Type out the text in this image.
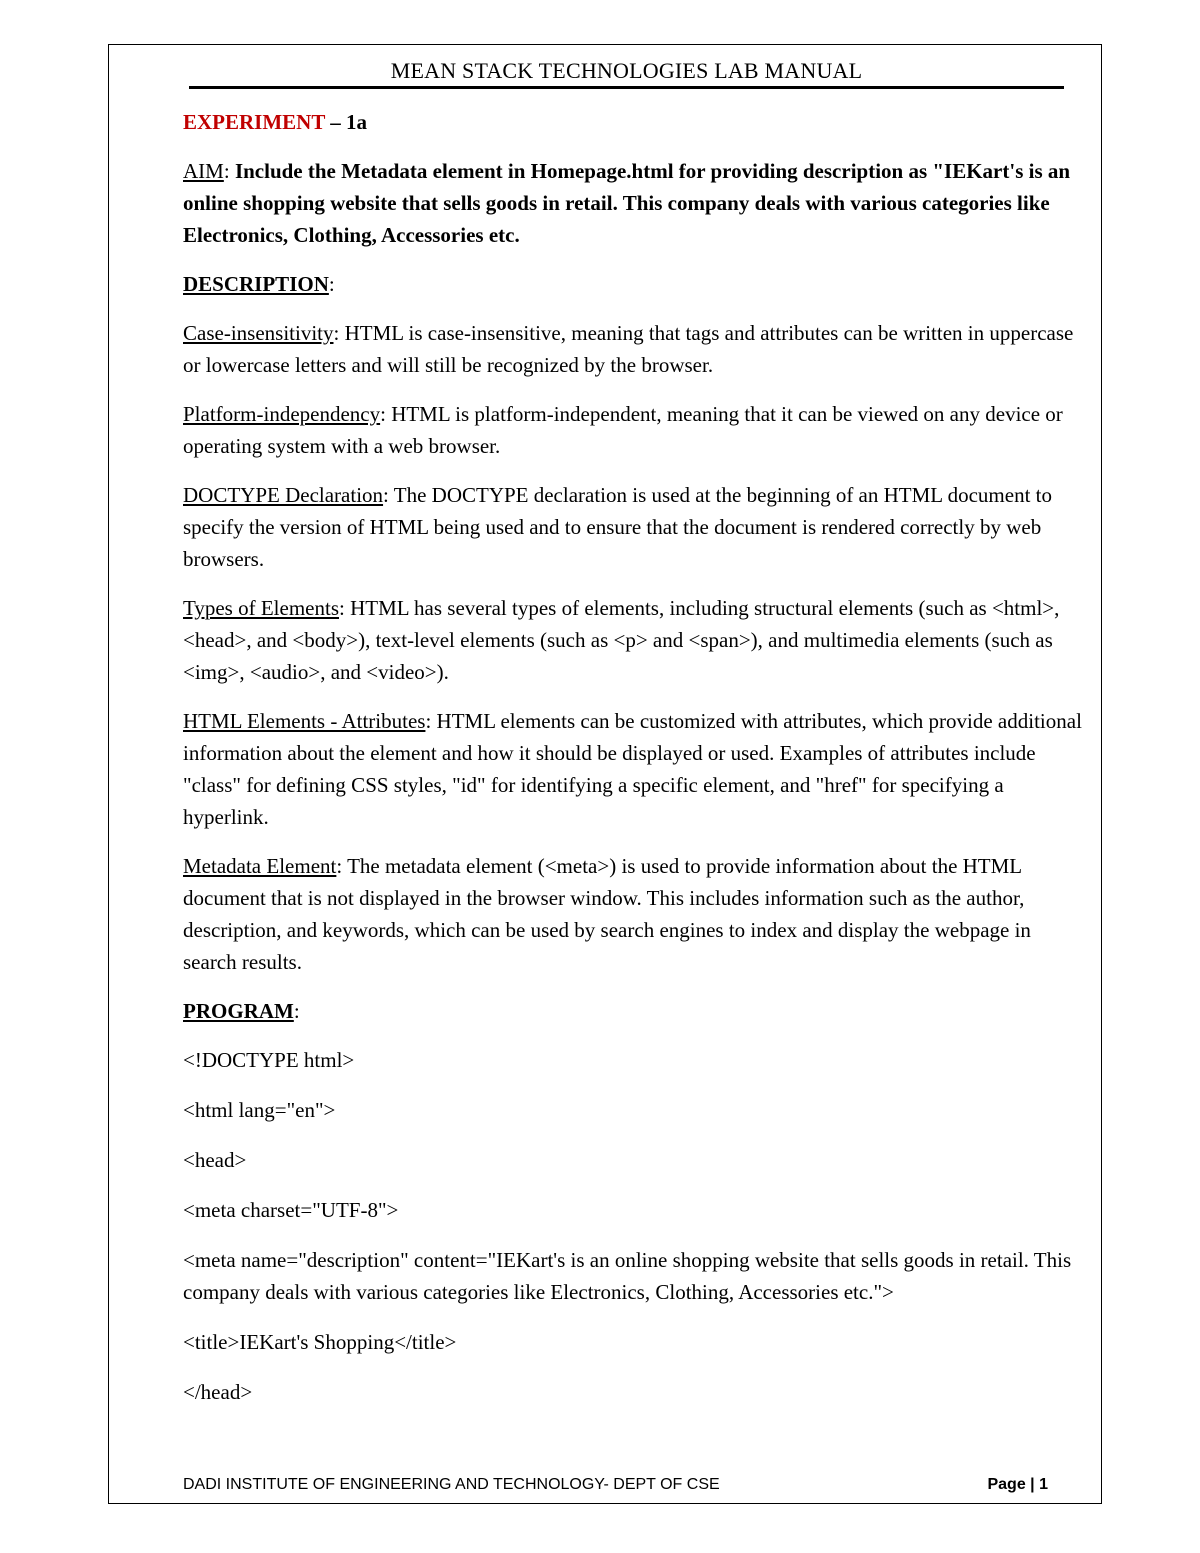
MEAN STACK TECHNOLOGIES LAB MANUAL

EXPERIMENT – 1a

AIM: Include the Metadata element in Homepage.html for providing description as "IEKart's is an online shopping website that sells goods in retail. This company deals with various categories like Electronics, Clothing, Accessories etc.

DESCRIPTION:

Case-insensitivity: HTML is case-insensitive, meaning that tags and attributes can be written in uppercase or lowercase letters and will still be recognized by the browser.

Platform-independency: HTML is platform-independent, meaning that it can be viewed on any device or operating system with a web browser.

DOCTYPE Declaration: The DOCTYPE declaration is used at the beginning of an HTML document to specify the version of HTML being used and to ensure that the document is rendered correctly by web browsers.

Types of Elements: HTML has several types of elements, including structural elements (such as <html>, <head>, and <body>), text-level elements (such as <p> and <span>), and multimedia elements (such as <img>, <audio>, and <video>).

HTML Elements - Attributes: HTML elements can be customized with attributes, which provide additional information about the element and how it should be displayed or used. Examples of attributes include "class" for defining CSS styles, "id" for identifying a specific element, and "href" for specifying a hyperlink.

Metadata Element: The metadata element (<meta>) is used to provide information about the HTML document that is not displayed in the browser window. This includes information such as the author, description, and keywords, which can be used by search engines to index and display the webpage in search results.

PROGRAM:

<!DOCTYPE html>

<html lang="en">

<head>

<meta charset="UTF-8">

<meta name="description" content="IEKart's is an online shopping website that sells goods in retail. This company deals with various categories like Electronics, Clothing, Accessories etc.">

<title>IEKart's Shopping</title>

</head>

DADI INSTITUTE OF ENGINEERING AND TECHNOLOGY- DEPT OF CSE	Page | 1
